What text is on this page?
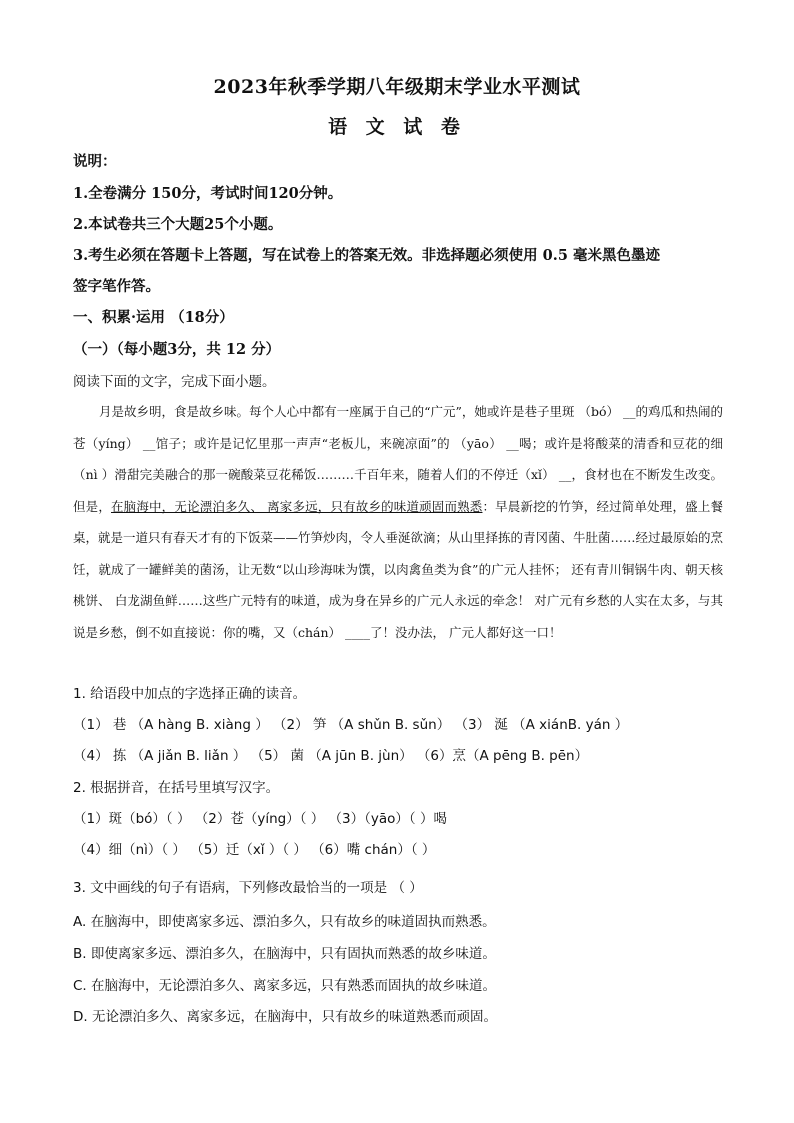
2023年秋季学期八年级期末学业水平测试
语 文 试 卷
说明：
1.全卷满分 150分，考试时间120分钟。
2.本试卷共三个大题25个小题。
3.考生必须在答题卡上答题，写在试卷上的答案无效。非选择题必须使用 0.5 毫米黑色墨迹
签字笔作答。
一、积累·运用 （18分）
（一）（每小题3分，共 12 分）
阅读下面的文字，完成下面小题。
月是故乡明，食是故乡味。每个人心中都有一座属于自己的“广元”，她或许是巷子里斑 （bó） __的鸡瓜和热闹的苍（yíng） __馆子；或许是记忆里那一声声“老板儿，来碗凉面”的 （yāo） __喝；或许是将酸菜的清香和豆花的细 （nì ）滑甜完美融合的那一碗酸菜豆花稀饭………千百年来，随着人们的不停迁（xǐ） __，食材也在不断发生改变。但是，在脑海中，无论漂泊多久、 离家多远，只有故乡的味道顽固而熟悉：早晨新挖的竹笋，经过简单处理，盛上餐桌，就是一道只有春天才有的下饭菜——竹笋炒肉，令人垂涎欲滴；从山里择拣的青冈菌、牛肚菌……经过最原始的烹饪，就成了一罐鲜美的菌汤，让无数“以山珍海味为馔，以肉禽鱼类为食”的广元人挂怀； 还有青川铜锅牛肉、朝天核桃饼、 白龙湖鱼鲜……这些广元特有的味道，成为身在异乡的广元人永远的牵念！ 对广元有乡愁的人实在太多，与其说是乡愁，倒不如直接说：你的嘴，又（chán） ____了！没办法， 广元人都好这一口！
1. 给语段中加点的字选择正确的读音。
（1） 巷 （A hàng B. xiàng ） （2） 笋 （A shǔn B. sǔn） （3） 涎 （A xiánB. yán ）
（4） 拣 （A jiǎn B. liǎn ） （5） 菌 （A jūn B. jùn） （6）烹（A pēng B. pēn）
2. 根据拼音，在括号里填写汉字。
（1）斑（bó）（ ） （2）苍（yíng）（ ） （3）（yāo）（ ）喝
（4）细（nì）（ ） （5）迁（xǐ ）（ ） （6）嘴 chán）（ ）
3. 文中画线的句子有语病，下列修改最恰当的一项是 （ ）
A. 在脑海中，即使离家多远、漂泊多久，只有故乡的味道固执而熟悉。
B. 即使离家多远、漂泊多久，在脑海中，只有固执而熟悉的故乡味道。
C. 在脑海中，无论漂泊多久、离家多远，只有熟悉而固执的故乡味道。
D. 无论漂泊多久、离家多远，在脑海中，只有故乡的味道熟悉而顽固。
